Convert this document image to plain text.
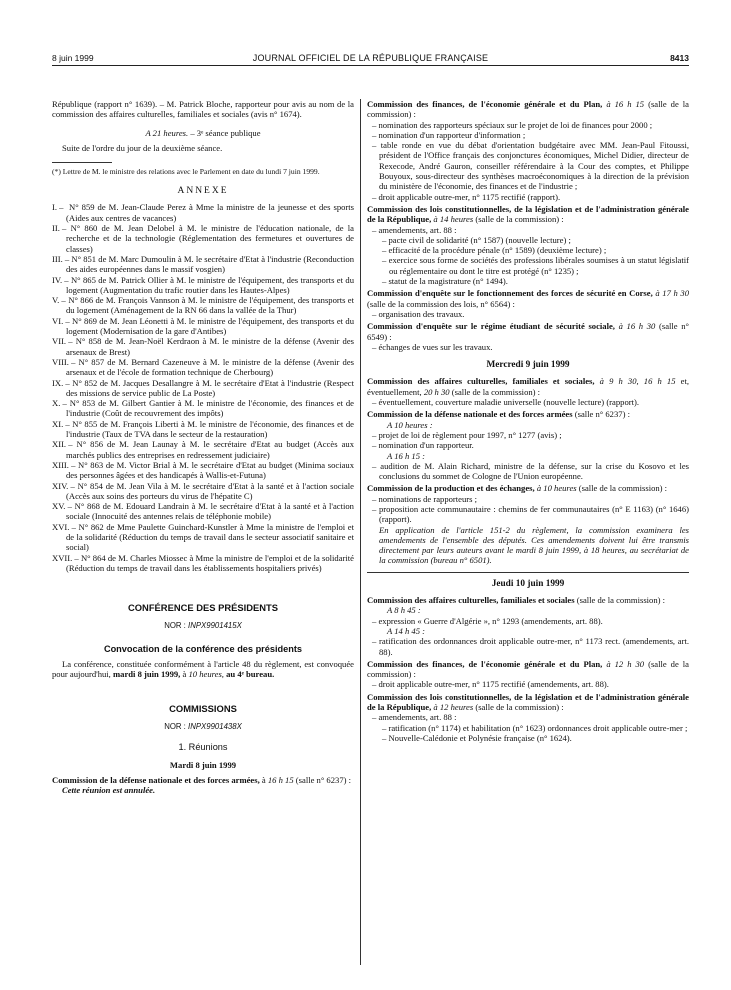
8 juin 1999	JOURNAL OFFICIEL DE LA RÉPUBLIQUE FRANÇAISE	8413

République (rapport n° 1639). – M. Patrick Bloche, rapporteur pour avis au nom de la commission des affaires culturelles, familiales et sociales (avis n° 1674).

A 21 heures. – 3ᵉ séance publique

Suite de l'ordre du jour de la deuxième séance.

(*) Lettre de M. le ministre des relations avec le Parlement en date du lundi 7 juin 1999.

ANNEXE

I. – N° 859 de M. Jean-Claude Perez à Mme la ministre de la jeunesse et des sports (Aides aux centres de vacances)

II. – N° 860 de M. Jean Delobel à M. le ministre de l'éducation nationale, de la recherche et de la technologie (Réglementation des fermetures et ouvertures de classes)

III. – N° 851 de M. Marc Dumoulin à M. le secrétaire d'Etat à l'industrie (Reconduction des aides européennes dans le massif vosgien)

IV. – N° 865 de M. Patrick Ollier à M. le ministre de l'équipement, des transports et du logement (Augmentation du trafic routier dans les Hautes-Alpes)

V. – N° 866 de M. François Vannson à M. le ministre de l'équipement, des transports et du logement (Aménagement de la RN 66 dans la vallée de la Thur)

VI. – N° 869 de M. Jean Léonetti à M. le ministre de l'équipement, des transports et du logement (Modernisation de la gare d'Antibes)

VII. – N° 858 de M. Jean-Noël Kerdraon à M. le ministre de la défense (Avenir des arsenaux de Brest)

VIII. – N° 857 de M. Bernard Cazeneuve à M. le ministre de la défense (Avenir des arsenaux et de l'école de formation technique de Cherbourg)

IX. – N° 852 de M. Jacques Desallangre à M. le secrétaire d'Etat à l'industrie (Respect des missions de service public de La Poste)

X. – N° 853 de M. Gilbert Gantier à M. le ministre de l'économie, des finances et de l'industrie (Coût de recouvrement des impôts)

XI. – N° 855 de M. François Liberti à M. le ministre de l'économie, des finances et de l'industrie (Taux de TVA dans le secteur de la restauration)

XII. – N° 856 de M. Jean Launay à M. le secrétaire d'Etat au budget (Accès aux marchés publics des entreprises en redressement judiciaire)

XIII. – N° 863 de M. Victor Brial à M. le secrétaire d'Etat au budget (Minima sociaux des personnes âgées et des handicapés à Wallis-et-Futuna)

XIV. – N° 854 de M. Jean Vila à M. le secrétaire d'Etat à la santé et à l'action sociale (Accès aux soins des porteurs du virus de l'hépatite C)

XV. – N° 868 de M. Edouard Landrain à M. le secrétaire d'Etat à la santé et à l'action sociale (Innocuité des antennes relais de téléphonie mobile)

XVI. – N° 862 de Mme Paulette Guinchard-Kunstler à Mme la ministre de l'emploi et de la solidarité (Réduction du temps de travail dans le secteur associatif sanitaire et social)

XVII. – N° 864 de M. Charles Miossec à Mme la ministre de l'emploi et de la solidarité (Réduction du temps de travail dans les établissements hospitaliers privés)

CONFÉRENCE DES PRÉSIDENTS

NOR : INPX9901415X

Convocation de la conférence des présidents

La conférence, constituée conformément à l'article 48 du règlement, est convoquée pour aujourd'hui, mardi 8 juin 1999, à 10 heures, au 4ᵉ bureau.

COMMISSIONS

NOR : INPX9901438X

1. Réunions

Mardi 8 juin 1999

Commission de la défense nationale et des forces armées, à 16 h 15 (salle n° 6237) :

Cette réunion est annulée.

Commission des finances, de l'économie générale et du Plan, à 16 h 15 (salle de la commission) :

– nomination des rapporteurs spéciaux sur le projet de loi de finances pour 2000 ;

– nomination d'un rapporteur d'information ;

– table ronde en vue du débat d'orientation budgétaire avec MM. Jean-Paul Fitoussi, président de l'Office français des conjonctures économiques, Michel Didier, directeur de Rexecode, André Gauron, conseiller référendaire à la Cour des comptes, et Philippe Bouyoux, sous-directeur des synthèses macroéconomiques à la direction de la prévision du ministère de l'économie, des finances et de l'industrie ;

– droit applicable outre-mer, n° 1175 rectifié (rapport).

Commission des lois constitutionnelles, de la législation et de l'administration générale de la République, à 14 heures (salle de la commission) :

– amendements, art. 88 :

– pacte civil de solidarité (n° 1587) (nouvelle lecture) ;

– efficacité de la procédure pénale (n° 1589) (deuxième lecture) ;

– exercice sous forme de sociétés des professions libérales soumises à un statut législatif ou réglementaire ou dont le titre est protégé (n° 1235) ;

– statut de la magistrature (n° 1494).

Commission d'enquête sur le fonctionnement des forces de sécurité en Corse, à 17 h 30 (salle de la commission des lois, n° 6564) :

– organisation des travaux.

Commission d'enquête sur le régime étudiant de sécurité sociale, à 16 h 30 (salle n° 6549) :

– échanges de vues sur les travaux.

Mercredi 9 juin 1999

Commission des affaires culturelles, familiales et sociales, à 9 h 30, 16 h 15 et, éventuellement, 20 h 30 (salle de la commission) :

– éventuellement, couverture maladie universelle (nouvelle lecture) (rapport).

Commission de la défense nationale et des forces armées (salle n° 6237) :

A 10 heures :

– projet de loi de règlement pour 1997, n° 1277 (avis) ;

– nomination d'un rapporteur.

A 16 h 15 :

– audition de M. Alain Richard, ministre de la défense, sur la crise du Kosovo et les conclusions du sommet de Cologne de l'Union européenne.

Commission de la production et des échanges, à 10 heures (salle de la commission) :

– nominations de rapporteurs ;

– proposition acte communautaire : chemins de fer communautaires (n° E 1163) (n° 1646) (rapport).

En application de l'article 151-2 du règlement, la commission examinera les amendements de l'ensemble des députés. Ces amendements doivent lui être transmis directement par leurs auteurs avant le mardi 8 juin 1999, à 18 heures, au secrétariat de la commission (bureau n° 6501).

Jeudi 10 juin 1999

Commission des affaires culturelles, familiales et sociales (salle de la commission) :

A 8 h 45 :

– expression « Guerre d'Algérie », n° 1293 (amendements, art. 88).

A 14 h 45 :

– ratification des ordonnances droit applicable outre-mer, n° 1173 rect. (amendements, art. 88).

Commission des finances, de l'économie générale et du Plan, à 12 h 30 (salle de la commission) :

– droit applicable outre-mer, n° 1175 rectifié (amendements, art. 88).

Commission des lois constitutionnelles, de la législation et de l'administration générale de la République, à 12 heures (salle de la commission) :

– amendements, art. 88 :

– ratification (n° 1174) et habilitation (n° 1623) ordonnances droit applicable outre-mer ;

– Nouvelle-Calédonie et Polynésie française (n° 1624).
